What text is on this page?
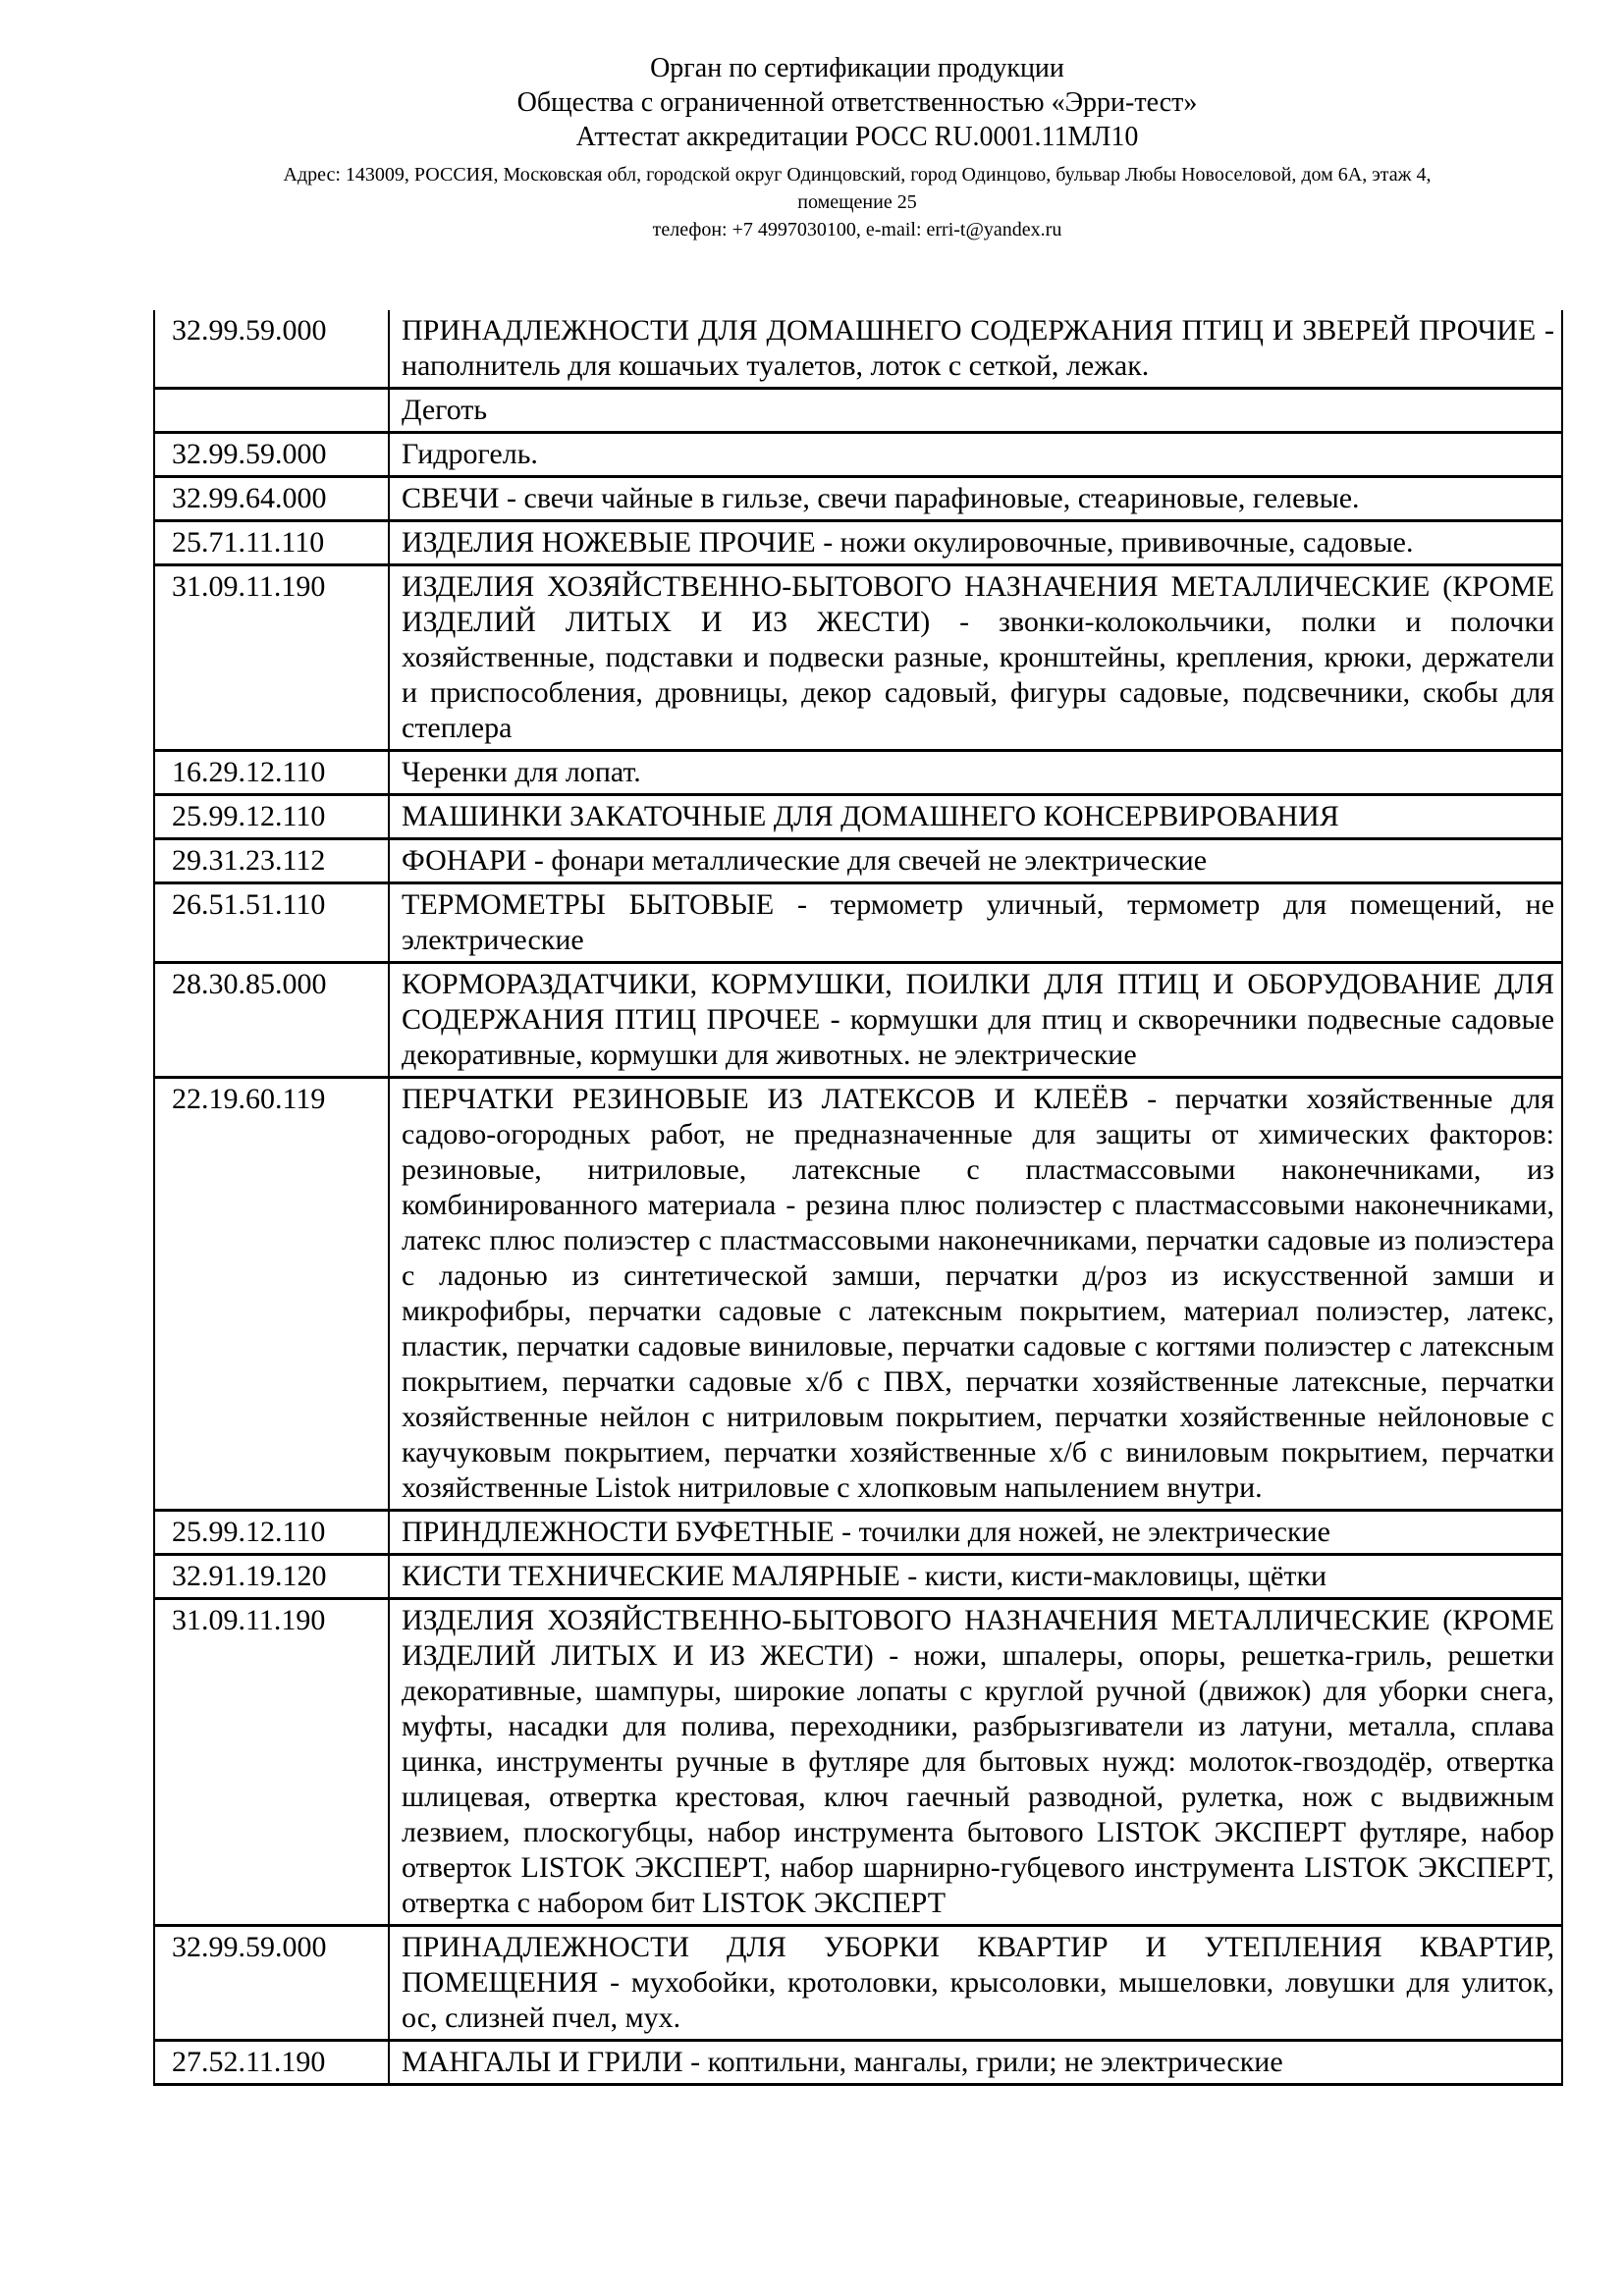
Орган по сертификации продукции
Общества с ограниченной ответственностью «Эрри-тест»
Аттестат аккредитации РОСС RU.0001.11МЛ10
Адрес: 143009, РОССИЯ, Московская обл, городской округ Одинцовский, город Одинцово, бульвар Любы Новоселовой, дом 6А, этаж 4,
помещение 25
телефон: +7 4997030100, e-mail: erri-t@yandex.ru
32.99.59.000	ПРИНАДЛЕЖНОСТИ ДЛЯ ДОМАШНЕГО СОДЕРЖАНИЯ ПТИЦ И ЗВЕРЕЙ ПРОЧИЕ - наполнитель для кошачьих туалетов, лоток с сеткой, лежак.
	Деготь
32.99.59.000	Гидрогель.
32.99.64.000	СВЕЧИ - свечи чайные в гильзе, свечи парафиновые, стеариновые, гелевые.
25.71.11.110	ИЗДЕЛИЯ НОЖЕВЫЕ ПРОЧИЕ - ножи окулировочные, прививочные, садовые.
31.09.11.190	ИЗДЕЛИЯ ХОЗЯЙСТВЕННО-БЫТОВОГО НАЗНАЧЕНИЯ МЕТАЛЛИЧЕСКИЕ (КРОМЕ ИЗДЕЛИЙ ЛИТЫХ И ИЗ ЖЕСТИ) - звонки-колокольчики, полки и полочки хозяйственные, подставки и подвески разные, кронштейны, крепления, крюки, держатели и приспособления, дровницы, декор садовый, фигуры садовые, подсвечники, скобы для степлера
16.29.12.110	Черенки для лопат.
25.99.12.110	МАШИНКИ ЗАКАТОЧНЫЕ ДЛЯ ДОМАШНЕГО КОНСЕРВИРОВАНИЯ
29.31.23.112	ФОНАРИ - фонари металлические для свечей не электрические
26.51.51.110	ТЕРМОМЕТРЫ БЫТОВЫЕ - термометр уличный, термометр для помещений, не электрические
28.30.85.000	КОРМОРАЗДАТЧИКИ, КОРМУШКИ, ПОИЛКИ ДЛЯ ПТИЦ И ОБОРУДОВАНИЕ ДЛЯ СОДЕРЖАНИЯ ПТИЦ ПРОЧЕЕ - кормушки для птиц и скворечники подвесные садовые декоративные, кормушки для животных. не электрические
22.19.60.119	ПЕРЧАТКИ РЕЗИНОВЫЕ ИЗ ЛАТЕКСОВ И КЛЕЁВ - перчатки хозяйственные для садово-огородных работ, не предназначенные для защиты от химических факторов: резиновые, нитриловые, латексные с пластмассовыми наконечниками, из комбинированного материала - резина плюс полиэстер с пластмассовыми наконечниками, латекс плюс полиэстер с пластмассовыми наконечниками, перчатки садовые из полиэстера с ладонью из синтетической замши, перчатки д/роз из искусственной замши и микрофибры, перчатки садовые с латексным покрытием, материал полиэстер, латекс, пластик, перчатки садовые виниловые, перчатки садовые с когтями полиэстер с латексным покрытием, перчатки садовые х/б с ПВХ, перчатки хозяйственные латексные, перчатки хозяйственные нейлон с нитриловым покрытием, перчатки хозяйственные нейлоновые с каучуковым покрытием, перчатки хозяйственные х/б с виниловым покрытием, перчатки хозяйственные Listok нитриловые с хлопковым напылением внутри.
25.99.12.110	ПРИНДЛЕЖНОСТИ БУФЕТНЫЕ - точилки для ножей, не электрические
32.91.19.120	КИСТИ ТЕХНИЧЕСКИЕ МАЛЯРНЫЕ - кисти, кисти-макловицы, щётки
31.09.11.190	ИЗДЕЛИЯ ХОЗЯЙСТВЕННО-БЫТОВОГО НАЗНАЧЕНИЯ МЕТАЛЛИЧЕСКИЕ (КРОМЕ ИЗДЕЛИЙ ЛИТЫХ И ИЗ ЖЕСТИ) - ножи, шпалеры, опоры, решетка-гриль, решетки декоративные, шампуры, широкие лопаты с круглой ручной (движок) для уборки снега, муфты, насадки для полива, переходники, разбрызгиватели из латуни, металла, сплава цинка, инструменты ручные в футляре для бытовых нужд: молоток-гвоздодёр, отвертка шлицевая, отвертка крестовая, ключ гаечный разводной, рулетка, нож с выдвижным лезвием, плоскогубцы, набор инструмента бытового LISTOK ЭКСПЕРТ футляре, набор отверток LISTOK ЭКСПЕРТ, набор шарнирно-губцевого инструмента LISTOK ЭКСПЕРТ, отвертка с набором бит LISTOK ЭКСПЕРТ
32.99.59.000	ПРИНАДЛЕЖНОСТИ ДЛЯ УБОРКИ КВАРТИР И УТЕПЛЕНИЯ КВАРТИР, ПОМЕЩЕНИЯ - мухобойки, кротоловки, крысоловки, мышеловки, ловушки для улиток, ос, слизней пчел, мух.
27.52.11.190	МАНГАЛЫ И ГРИЛИ - коптильни, мангалы, грили; не электрические
